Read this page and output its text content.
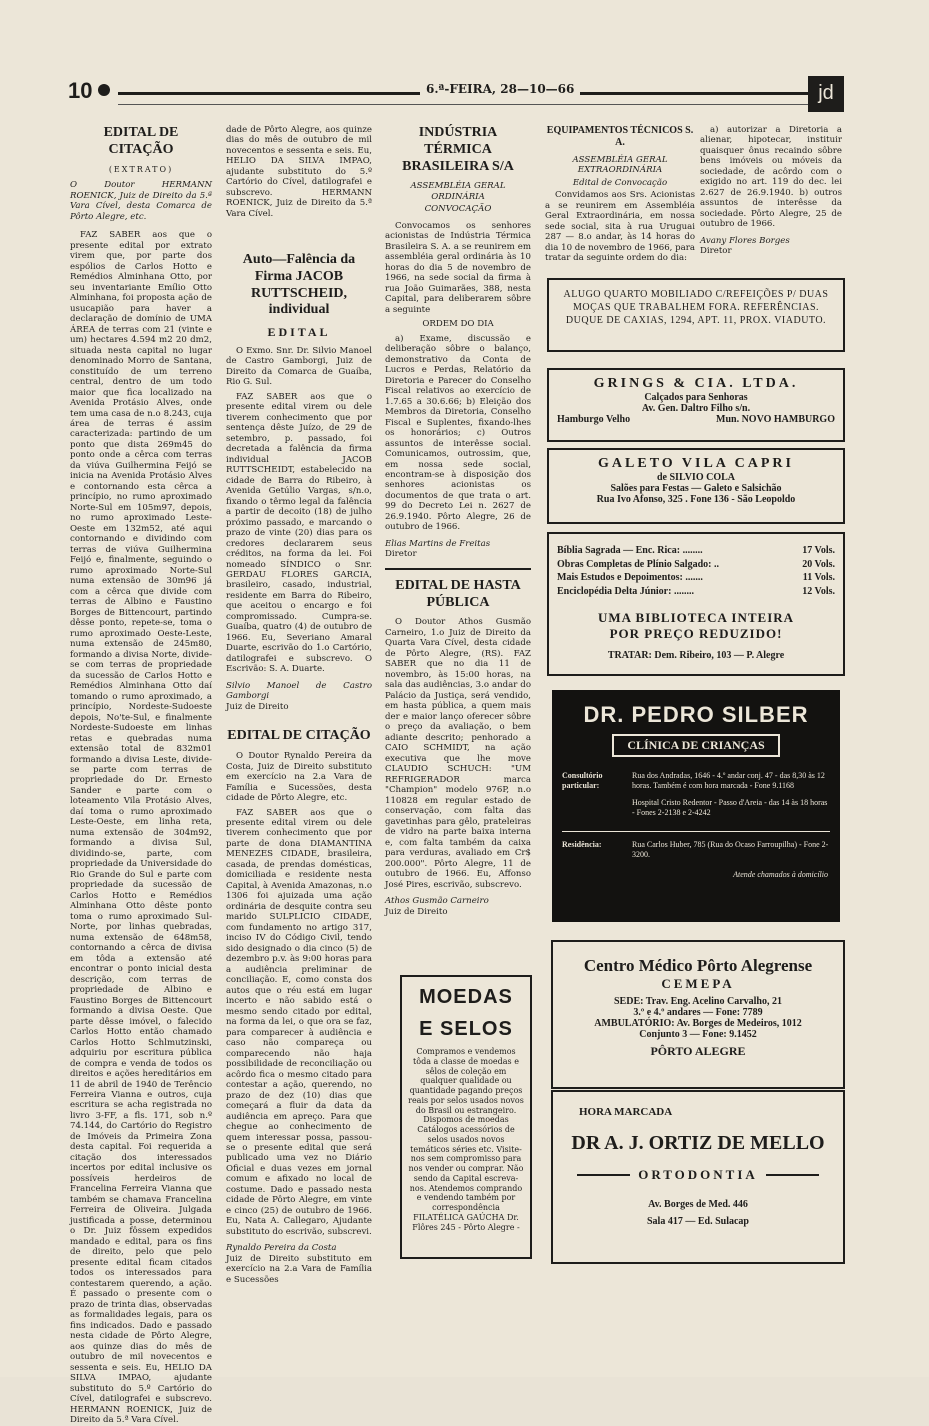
10	6.ª-FEIRA, 28—10—66	jd
EDITAL DE CITAÇÃO
(EXTRATO)
O Doutor HERMANN ROENICK, Juiz de Direito da 5.ª Vara Cível, desta Comarca de Pôrto Alegre, etc.

FAZ SABER aos que o presente edital por extrato virem que, por parte dos espólios de Carlos Hotto e Remédios Alminhana Otto, por seu inventariante Emílio Otto Alminhana, foi proposta ação de usucapião para haver a declaração de domínio de UMA ÁREA de terras com 21 (vinte e um) hectares 4.594 m2 20 dm2, situada nesta capital no lugar denominado Morro de Santana, constituído de um terreno central, dentro de um todo maior que fica localizado na Avenida Protásio Alves, onde tem uma casa de n.o 8.243, cuja área de terras é assim caracterizada: partindo de um ponto que dista 269m45 do ponto onde a cêrca com terras da viúva Guilhermina Feijó se inicia na Avenida Protásio Alves e contornando esta cêrca a princípio, no rumo aproximado Norte-Sul em 105m97, depois, no rumo aproximado Leste-Oeste em 132m52, até aqui contornando e dividindo com terras de viúva Guilhermina Feijó e, finalmente, seguindo o rumo aproximado Norte-Sul numa extensão de 30m96 já com a cêrca que divide com terras de Albino e Faustino Borges de Bittencourt, partindo dêsse ponto, repete-se, toma o rumo aproximado Oeste-Leste, numa extensão de 245m80, formando a divisa Norte, divide-se com terras de propriedade da sucessão de Carlos Hotto e Remédios Alminhana Otto daí tomando o rumo aproximado, a princípio, Nordeste-Sudoeste depois, No'te-Sul, e finalmente Nordeste-Sudoeste em linhas retas e quebradas numa extensão total de 832m01 formando a divisa Leste, divide-se parte com terras de propriedade do Dr. Ernesto Sander e parte com o loteamento Vila Protásio Alves, daí toma o rumo aproximado Leste-Oeste, em linha reta, numa extensão de 304m92, formando a divisa Sul, dividindo-se, parte, com propriedade da Universidade do Rio Grande do Sul e parte com propriedade da sucessão de Carlos Hotto e Remédios Alminhana Otto dêste ponto toma o rumo aproximado Sul-Norte, por linhas quebradas, numa extensão de 648m58, contornando a cêrca de divisa em tôda a extensão até encontrar o ponto inicial desta descrição, com terras de propriedade de Albino e Faustino Borges de Bittencourt formando a divisa Oeste. Que parte dêsse imóvel, o falecido Carlos Hotto então chamado Carlos Hotto Schlmutzinski, adquiriu por escritura pública de compra e venda de todos os direitos e ações hereditários em 11 de abril de 1940 de Terêncio Ferreira Vianna e outros, cuja escritura se acha registrada no livro 3-FF, a fls. 171, sob n.º 74.144, do Cartório do Registro de Imóveis da Primeira Zona desta capital. Foi requerida a citação dos interessados incertos por edital inclusive os possíveis herdeiros de Francelina Ferreira Vianna que também se chamava Francelina Ferreira de Oliveira. Julgada justificada a posse, determinou o Dr. Juiz fôssem expedidos mandado e edital, para os fins de direito, pelo que pelo presente edital ficam citados todos os interessados para contestarem querendo, a ação. É passado o presente com o prazo de trinta dias, observadas as formalidades legais, para os fins indicados. Dado e passado nesta cidade de Pôrto Alegre, aos quinze dias do mês de outubro de mil novecentos e sessenta e seis. Eu, HELIO DA SILVA IMPAO, ajudante substituto do 5.º Cartório do Cível, datilografei e subscrevo. HERMANN ROENICK, Juiz de Direito da 5.ª Vara Cível.

dade de Pôrto Alegre, aos quinze dias do mês de outubro de mil novecentos e sessenta e seis. Eu, HELIO DA SILVA IMPAO, ajudante substituto do 5.º Cartório do Cível, datilografei e subscrevo. HERMANN ROENICK, Juiz de Direito da 5.ª Vara Cível.

Auto—Falência da Firma JACOB RUTTSCHEID, individual
EDITAL

O Exmo. Snr. Dr. Silvio Manoel de Castro Gamborgi, Juiz de Direito da Comarca de Guaíba, Rio G. Sul.

FAZ SABER aos que o presente edital virem ou dele tiverem conhecimento que por sentença dêste Juízo, de 29 de setembro, p. passado, foi decretada a falência da firma individual JACOB RUTTSCHEIDT, estabelecido na cidade de Barra do Ribeiro, à Avenida Getúlio Vargas, s/n.o, fixando o têrmo legal da falência a partir de decoito (18) de julho próximo passado, e marcando o prazo de vinte (20) dias para os credores declararem seus créditos, na forma da lei. Foi nomeado SÍNDICO o Snr. GERDAU FLORES GARCIA, brasileiro, casado, industrial, residente em Barra do Ribeiro, que aceitou o encargo e foi compromissado. Cumpra-se. Guaíba, quatro (4) de outubro de 1966. Eu, Severiano Amaral Duarte, escrivão do 1.o Cartório, datilografei e subscrevo. O Escrivão: S. A. Duarte.

Silvio Manoel de Castro Gamborgi
Juiz de Direito
EDITAL DE CITAÇÃO

O Doutor Rynaldo Pereira da Costa, Juiz de Direito substituto em exercício na 2.a Vara de Família e Sucessões, desta cidade de Pôrto Alegre, etc.

FAZ SABER aos que o presente edital virem ou dele tiverem conhecimento que por parte de dona DIAMANTINA MENEZES CIDADE, brasileira, casada, de prendas domésticas, domiciliada e residente nesta Capital, à Avenida Amazonas, n.o 1306 foi ajuizada uma ação ordinária de desquite contra seu marido SULPLICIO CIDADE, com fundamento no artigo 317, inciso IV do Código Civil, tendo sido designado o dia cinco (5) de dezembro p.v. às 9:00 horas para a audiência preliminar de conciliação. E, como consta dos autos que o réu está em lugar incerto e não sabido está o mesmo sendo citado por edital, na forma da lei, o que ora se faz, para comparecer à audiência e caso não compareça ou comparecendo não haja possibilidade de reconciliação ou acôrdo fica o mesmo citado para contestar a ação, querendo, no prazo de dez (10) dias que começará a fluir da data da audiência em apreço. Para que chegue ao conhecimento de quem interessar possa, passou-se o presente edital que será publicado uma vez no Diário Oficial e duas vezes em jornal comum e afixado no local de costume. Dado e passado nesta cidade de Pôrto Alegre, em vinte e cinco (25) de outubro de 1966. Eu, Nata A. Callegaro, Ajudante substituto do escrivão, subscrevi.

Rynaldo Pereira da Costa
Juiz de Direito substituto em exercício na 2.a Vara de Família e Sucessões
INDÚSTRIA TÉRMICA BRASILEIRA S/A
ASSEMBLÉIA GERAL ORDINÁRIA
CONVOCAÇÃO

Convocamos os senhores acionistas de Indústria Térmica Brasileira S. A. a se reunirem em assembléia geral ordinária às 10 horas do dia 5 de novembro de 1966, na sede social da firma à rua João Guimarães, 388, nesta Capital, para deliberarem sôbre a seguinte

ORDEM DO DIA

a) Exame, discussão e deliberação sôbre o balanço, demonstrativo da Conta de Lucros e Perdas, Relatório da Diretoria e Parecer do Conselho Fiscal relativos ao exercício de 1.7.65 a 30.6.66; b) Eleição dos Membros da Diretoria, Conselho Fiscal e Suplentes, fixando-lhes os honorários; c) Outros assuntos de interêsse social. Comunicamos, outrossim, que, em nossa sede social, encontram-se à disposição dos senhores acionistas os documentos de que trata o art. 99 do Decreto Lei n. 2627 de 26.9.1940. Pôrto Alegre, 26 de outubro de 1966.

Elias Martins de Freitas
Diretor
EDITAL DE HASTA PÚBLICA

O Doutor Athos Gusmão Carneiro, 1.o Juiz de Direito da Quarta Vara Cível, desta cidade de Pôrto Alegre, (RS). FAZ SABER que no dia 11 de novembro, às 15:00 horas, na sala das audiências, 3.o andar do Palácio da Justiça, será vendido, em hasta pública, a quem mais der e maior lanço oferecer sôbre o preço da avaliação, o bem adiante descrito; penhorado a CAIO SCHMIDT, na ação executiva que lhe move CLAUDIO SCHUCH: "UM REFRIGERADOR marca "Champion" modelo 976P, n.o 110828 em regular estado de conservação, com falta das gavetinhas para gêlo, prateleiras de vidro na parte baixa interna e, com falta também da caixa para verduras, avaliado em Cr$ 200.000". Pôrto Alegre, 11 de outubro de 1966. Eu, Affonso José Pires, escrivão, subscrevo.

Athos Gusmão Carneiro
Juiz de Direito
MOEDAS
E SELOS
Compramos e vendemos tôda a classe de moedas e sêlos de coleção em qualquer qualidade ou quantidade pagando preços reais por selos usados novos do Brasil ou estrangeiro. Dispomos de moedas Catálogos acessórios de selos usados novos temáticos séries etc. Visite-nos sem compromisso para nos vender ou comprar. Não sendo da Capital escreva-nos. Atendemos comprando e vendendo também por correspondência FILATÉLICA GAÚCHA Dr. Flôres 245 - Pôrto Alegre -
EQUIPAMENTOS TÉCNICOS S. A.
ASSEMBLÉIA GERAL EXTRAORDINÁRIA
Edital de Convocação

Convidamos aos Srs. Acionistas a se reunirem em Assembléia Geral Extraordinária, em nossa sede social, sita à rua Uruguai 287 — 8.o andar, às 14 horas do dia 10 de novembro de 1966, para tratar da seguinte ordem do dia:

a) autorizar a Diretoria a alienar, hipotecar, instituir quaisquer ônus recaindo sôbre bens imóveis ou móveis da sociedade, de acôrdo com o exigido no art. 119 do dec. lei 2.627 de 26.9.1940. b) outros assuntos de interêsse da sociedade. Pôrto Alegre, 25 de outubro de 1966.

Avany Flores Borges
Diretor
ALUGO QUARTO MOBILIADO C/REFEIÇÕES P/ DUAS MOÇAS QUE TRABALHEM FORA. REFERÊNCIAS. DUQUE DE CAXIAS, 1294, APT. 11, PROX. VIADUTO.
GRINGS & CIA. LTDA.
Calçados para Senhoras
Av. Gen. Daltro Filho s/n.
Hamburgo Velho	Mun. NOVO HAMBURGO
GALETO VILA CAPRI
de SILVIO COLA
Salões para Festas — Galeto e Salsichão
Rua Ivo Afonso, 325 . Fone 136 - São Leopoldo
Bíblia Sagrada — Enc. Rica: ........	17 Vols.
Obras Completas de Plínio Salgado: ..	20 Vols.
Mais Estudos e Depoimentos: .......	11 Vols.
Enciclopédia Delta Júnior: ........	12 Vols.
UMA BIBLIOTECA INTEIRA
POR PREÇO REDUZIDO!
TRATAR: Dem. Ribeiro, 103 — P. Alegre
DR. PEDRO SILBER
CLÍNICA DE CRIANÇAS
Consultório particular:
Rua dos Andradas, 1646 - 4.º andar conj. 47 - das 8,30 às 12 horas. Também é com hora marcada - Fone 9.1168
Hospital Cristo Redentor - Passo d'Areia - das 14 às 18 horas - Fones 2-2138 e 2-4242
Residência:	Rua Carlos Huber, 785 (Rua do Ocaso Farroupilha) - Fone 2-3200.
Atende chamados à domicílio
Centro Médico Pôrto Alegrense
CEMEPA
SEDE: Trav. Eng. Acelino Carvalho, 21
3.º e 4.º andares — Fone: 7789
AMBULATÓRIO: Av. Borges de Medeiros, 1012
Conjunto 3 — Fone: 9.1452
PÔRTO ALEGRE
HORA MARCADA
DR A. J. ORTIZ DE MELLO
ORTODONTIA
Av. Borges de Med. 446
Sala 417 — Ed. Sulacap
